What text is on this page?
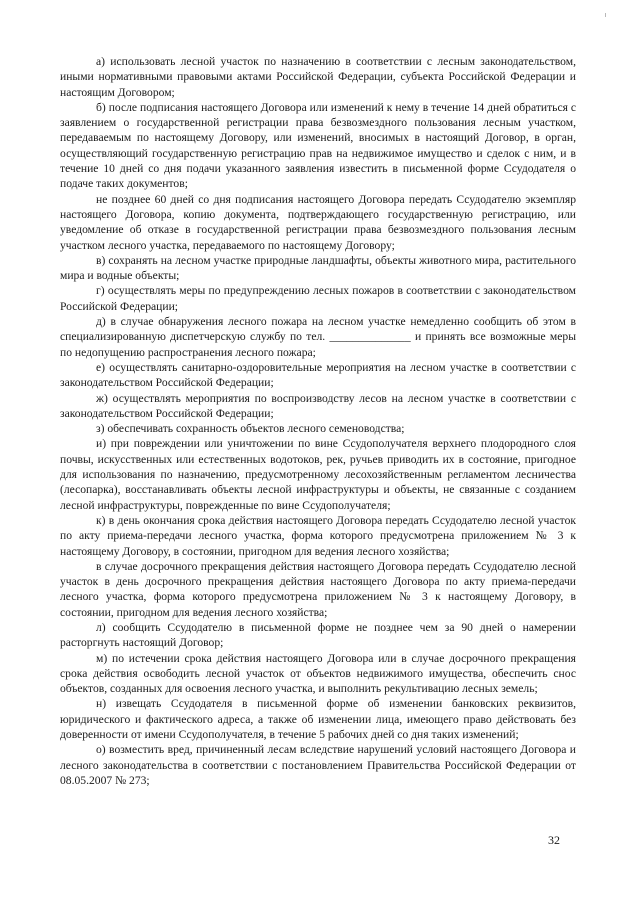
а) использовать лесной участок по назначению в соответствии с лесным законодательством, иными нормативными правовыми актами Российской Федерации, субъекта Российской Федерации и настоящим Договором;

б) после подписания настоящего Договора или изменений к нему в течение 14 дней обратиться с заявлением о государственной регистрации права безвозмездного пользования лесным участком, передаваемым по настоящему Договору, или изменений, вносимых в настоящий Договор, в орган, осуществляющий государственную регистрацию прав на недвижимое имущество и сделок с ним, и в течение 10 дней со дня подачи указанного заявления известить в письменной форме Ссудодателя о подаче таких документов;

не позднее 60 дней со дня подписания настоящего Договора передать Ссудодателю экземпляр настоящего Договора, копию документа, подтверждающего государственную регистрацию, или уведомление об отказе в государственной регистрации права безвозмездного пользования лесным участком лесного участка, передаваемого по настоящему Договору;

в) сохранять на лесном участке природные ландшафты, объекты животного мира, растительного мира и водные объекты;

г) осуществлять меры по предупреждению лесных пожаров в соответствии с законодательством Российской Федерации;

д) в случае обнаружения лесного пожара на лесном участке немедленно сообщить об этом в специализированную диспетчерскую службу по тел. ______________ и принять все возможные меры по недопущению распространения лесного пожара;

е) осуществлять санитарно-оздоровительные мероприятия на лесном участке в соответствии с законодательством Российской Федерации;

ж) осуществлять мероприятия по воспроизводству лесов на лесном участке в соответствии с законодательством Российской Федерации;

з) обеспечивать сохранность объектов лесного семеноводства;

и) при повреждении или уничтожении по вине Ссудополучателя верхнего плодородного слоя почвы, искусственных или естественных водотоков, рек, ручьев приводить их в состояние, пригодное для использования по назначению, предусмотренному лесохозяйственным регламентом лесничества (лесопарка), восстанавливать объекты лесной инфраструктуры и объекты, не связанные с созданием лесной инфраструктуры, поврежденные по вине Ссудополучателя;

к) в день окончания срока действия настоящего Договора передать Ссудодателю лесной участок по акту приема-передачи лесного участка, форма которого предусмотрена приложением № 3 к настоящему Договору, в состоянии, пригодном для ведения лесного хозяйства;

в случае досрочного прекращения действия настоящего Договора передать Ссудодателю лесной участок в день досрочного прекращения действия настоящего Договора по акту приема-передачи лесного участка, форма которого предусмотрена приложением № 3 к настоящему Договору, в состоянии, пригодном для ведения лесного хозяйства;

л) сообщить Ссудодателю в письменной форме не позднее чем за 90 дней о намерении расторгнуть настоящий Договор;

м) по истечении срока действия настоящего Договора или в случае досрочного прекращения срока действия освободить лесной участок от объектов недвижимого имущества, обеспечить снос объектов, созданных для освоения лесного участка, и выполнить рекультивацию лесных земель;

н) извещать Ссудодателя в письменной форме об изменении банковских реквизитов, юридического и фактического адреса, а также об изменении лица, имеющего право действовать без доверенности от имени Ссудополучателя, в течение 5 рабочих дней со дня таких изменений;

о) возместить вред, причиненный лесам вследствие нарушений условий настоящего Договора и лесного законодательства в соответствии с постановлением Правительства Российской Федерации от 08.05.2007 № 273;

32
